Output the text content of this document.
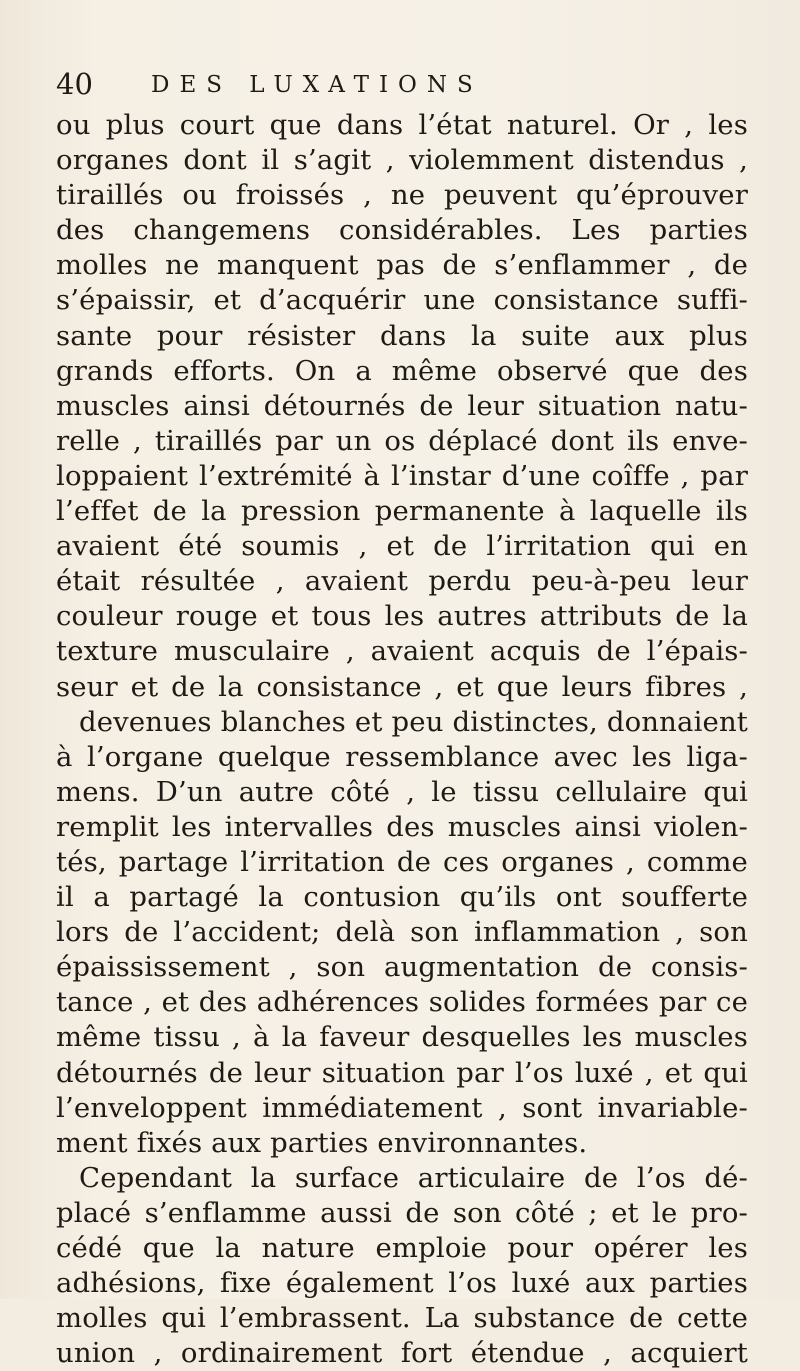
40	DES LUXATIONS
ou plus court que dans l’état naturel. Or , les
organes dont il s’agit , violemment distendus ,
tiraillés ou froissés , ne peuvent qu’éprouver
des changemens considérables. Les parties
molles ne manquent pas de s’enflammer , de
s’épaissir, et d’acquérir une consistance suffi-
sante pour résister dans la suite aux plus
grands efforts. On a même observé que des
muscles ainsi détournés de leur situation natu-
relle , tiraillés par un os déplacé dont ils enve-
loppaient l’extrémité à l’instar d’une coîffe , par
l’effet de la pression permanente à laquelle ils
avaient été soumis , et de l’irritation qui en
était résultée , avaient perdu peu-à-peu leur
couleur rouge et tous les autres attributs de la
texture musculaire , avaient acquis de l’épais-
seur et de la consistance , et que leurs fibres ,
devenues blanches et peu distinctes, donnaient
à l’organe quelque ressemblance avec les liga-
mens. D’un autre côté , le tissu cellulaire qui
remplit les intervalles des muscles ainsi violen-
tés, partage l’irritation de ces organes , comme
il a partagé la contusion qu’ils ont soufferte
lors de l’accident; delà son inflammation , son
épaississement , son augmentation de consis-
tance , et des adhérences solides formées par ce
même tissu , à la faveur desquelles les muscles
détournés de leur situation par l’os luxé , et qui
l’enveloppent immédiatement , sont invariable-
ment fixés aux parties environnantes.
Cependant la surface articulaire de l’os dé-
placé s’enflamme aussi de son côté ; et le pro-
cédé que la nature emploie pour opérer les
adhésions, fixe également l’os luxé aux parties
molles qui l’embrassent. La substance de cette
union , ordinairement fort étendue , acquiert
